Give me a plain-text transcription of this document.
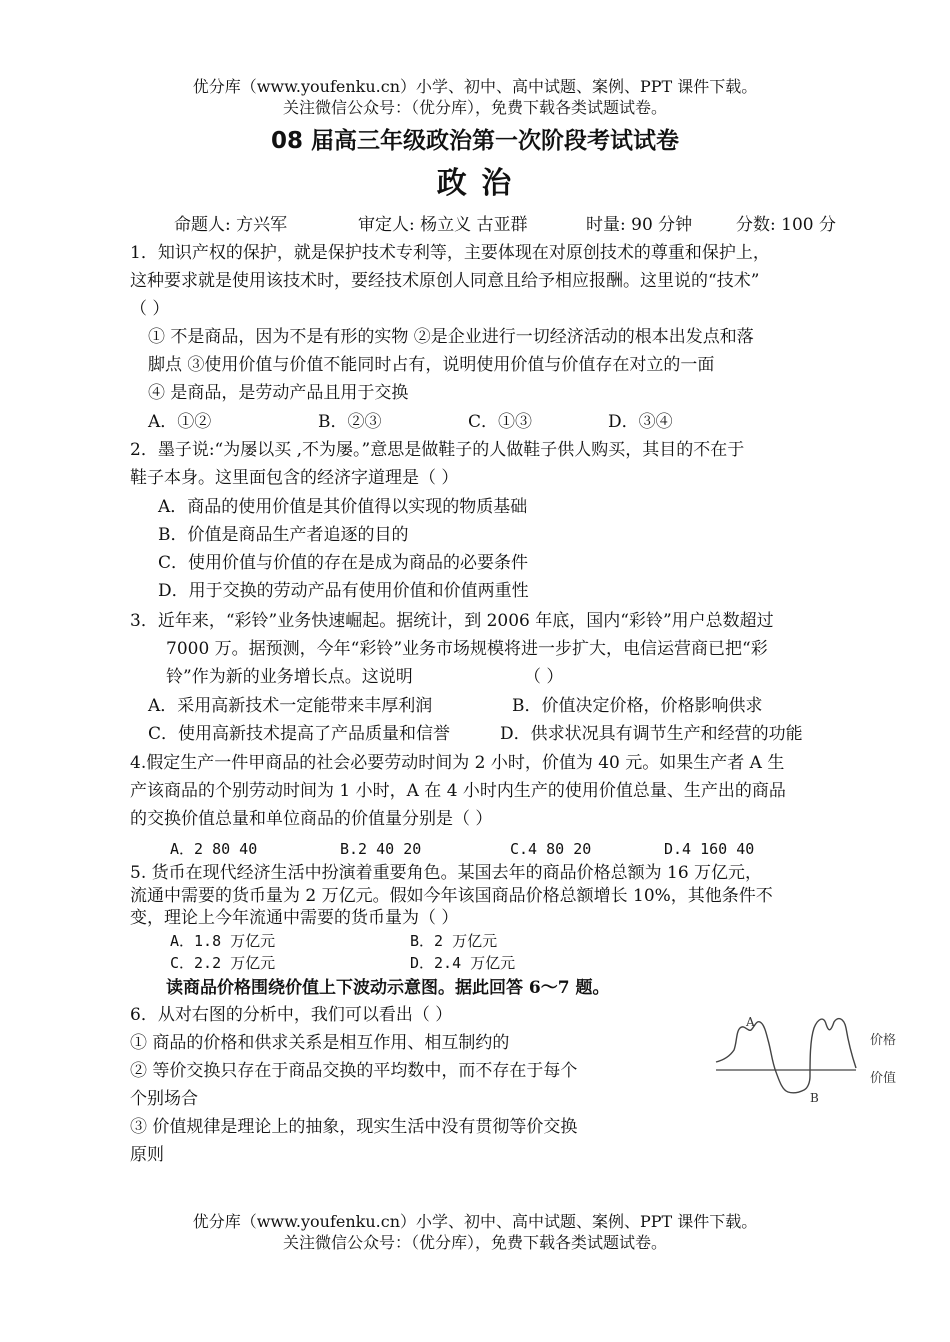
优分库（www.youfenku.cn）小学、初中、高中试题、案例、PPT 课件下载。
关注微信公众号：（优分库），免费下载各类试题试卷。
08 届高三年级政治第一次阶段考试试卷
政 治
命题人: 方兴军	审定人: 杨立义 古亚群	时量: 90 分钟	分数: 100 分
1．知识产权的保护，就是保护技术专利等，主要体现在对原创技术的尊重和保护上，
这种要求就是使用该技术时，要经技术原创人同意且给予相应报酬。这里说的“技术”
（ ）
① 不是商品，因为不是有形的实物 ②是企业进行一切经济活动的根本出发点和落
脚点 ③使用价值与价值不能同时占有，说明使用价值与价值存在对立的一面
④ 是商品，是劳动产品且用于交换
A．①②	B．②③	C．①③	D．③④
2．墨子说:“为屡以买 ,不为屡。”意思是做鞋子的人做鞋子供人购买，其目的不在于
鞋子本身。这里面包含的经济字道理是（ ）
A．商品的使用价值是其价值得以实现的物质基础
B．价值是商品生产者追逐的目的
C．使用价值与价值的存在是成为商品的必要条件
D．用于交换的劳动产品有使用价值和价值两重性
3．近年来，“彩铃”业务快速崛起。据统计，到 2006 年底，国内“彩铃”用户总数超过
7000 万。据预测，今年“彩铃”业务市场规模将进一步扩大，电信运营商已把“彩
铃”作为新的业务增长点。这说明	（ ）
A．采用高新技术一定能带来丰厚利润	B．价值决定价格，价格影响供求
C．使用高新技术提高了产品质量和信誉	D．供求状况具有调节生产和经营的功能
4.假定生产一件甲商品的社会必要劳动时间为 2 小时，价值为 40 元。如果生产者 A 生
产该商品的个别劳动时间为 1 小时，A 在 4 小时内生产的使用价值总量、生产出的商品
的交换价值总量和单位商品的价值量分别是（ ）
A．2 80 40	B.2 40 20	C.4 80 20	D.4 160 40
5. 货币在现代经济生活中扮演着重要角色。某国去年的商品价格总额为 16 万亿元，
流通中需要的货币量为 2 万亿元。假如今年该国商品价格总额增长 10%，其他条件不
变，理论上今年流通中需要的货币量为（ ）
A．1.8 万亿元	B．2 万亿元
C．2.2 万亿元	D．2.4 万亿元
读商品价格围绕价值上下波动示意图。据此回答 6～7 题。
6．从对右图的分析中，我们可以看出（ ）
① 商品的价格和供求关系是相互作用、相互制约的
② 等价交换只存在于商品交换的平均数中，而不存在于每个
个别场合
③ 价值规律是理论上的抽象，现实生活中没有贯彻等价交换
原则
A
B
价格
价值
优分库（www.youfenku.cn）小学、初中、高中试题、案例、PPT 课件下载。
关注微信公众号：（优分库），免费下载各类试题试卷。
